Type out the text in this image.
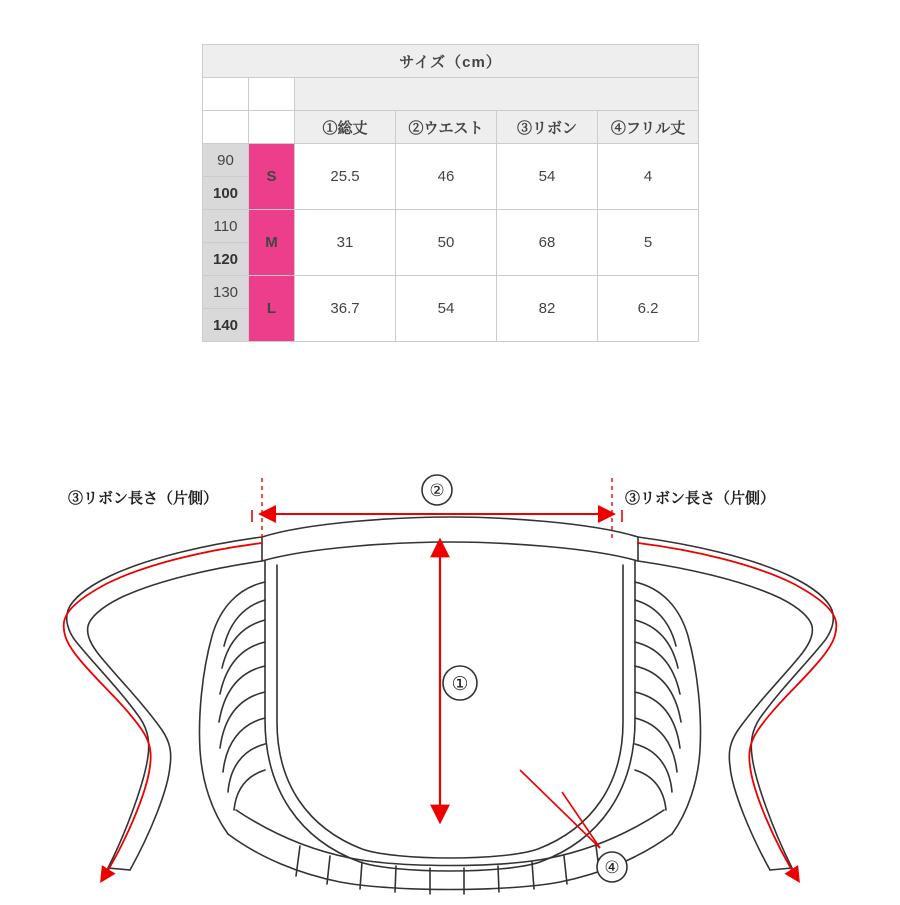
サイズ（cm）					

		①総丈	②ウエスト	③リボン	④フリル丈
90	S	25.5	46	54	4
100					
110	M	31	50	68	5
120					
130	L	36.7	54	82	6.2
140					
③リボン長さ（片側）	③リボン長さ（片側）
②
①
④
